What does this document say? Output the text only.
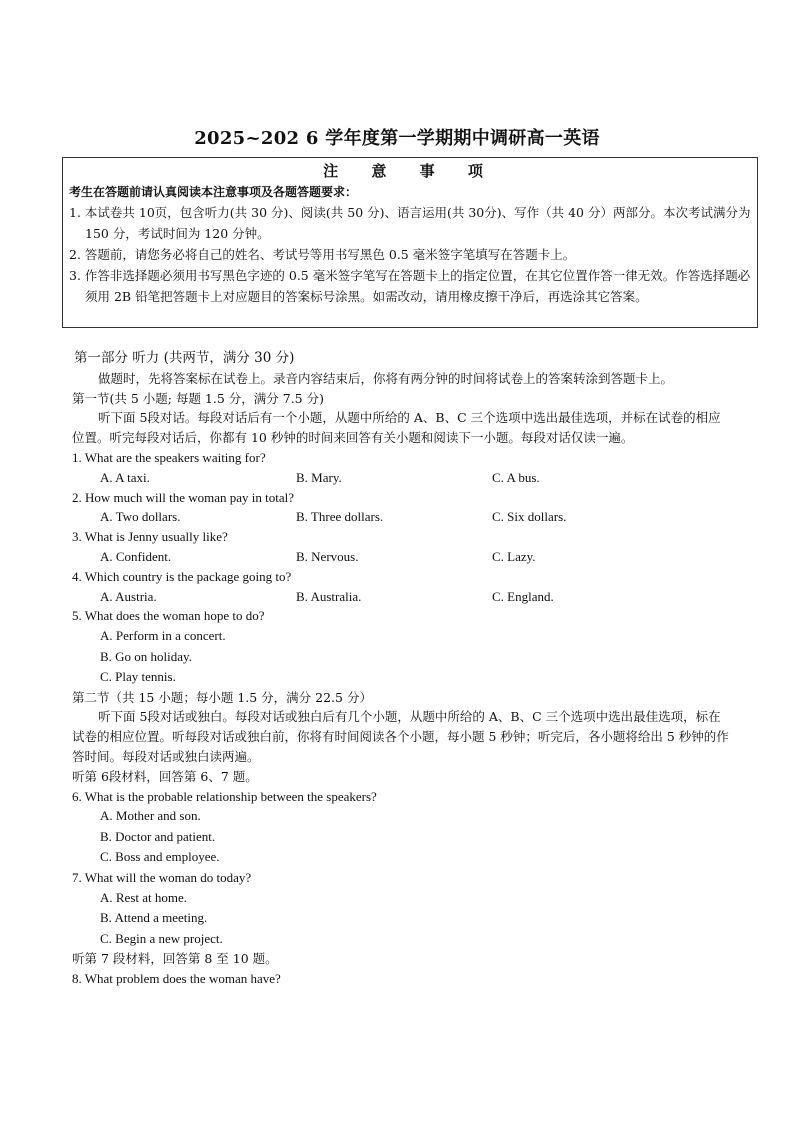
2025~202 6 学年度第一学期期中调研高一英语
注 意 事 项
考生在答题前请认真阅读本注意事项及各题答题要求：
1. 本试卷共 10页，包含听力(共 30 分)、阅读(共 50 分)、语言运用(共 30分)、写作（共 40 分）两部分。本次考试满分为 150 分，考试时间为 120 分钟。
2. 答题前，请您务必将自己的姓名、考试号等用书写黑色 0.5 毫米签字笔填写在答题卡上。
3. 作答非选择题必须用书写黑色字迹的 0.5 毫米签字笔写在答题卡上的指定位置，在其它位置作答一律无效。作答选择题必须用 2B 铅笔把答题卡上对应题目的答案标号涂黑。如需改动，请用橡皮擦干净后，再选涂其它答案。
第一部分 听力 (共两节，满分 30 分)
做题时，先将答案标在试卷上。录音内容结束后，你将有两分钟的时间将试卷上的答案转涂到答题卡上。
第一节(共 5 小题; 每题 1.5 分，满分 7.5 分)
听下面 5段对话。每段对话后有一个小题，从题中所给的 A、B、C 三个选项中选出最佳选项，并标在试卷的相应位置。听完每段对话后，你都有 10 秒钟的时间来回答有关小题和阅读下一小题。每段对话仅读一遍。
1. What are the speakers waiting for?
A. A taxi.	B. Mary.	C. A bus.
2. How much will the woman pay in total?
A. Two dollars.	B. Three dollars.	C. Six dollars.
3. What is Jenny usually like?
A. Confident.	B. Nervous.	C. Lazy.
4. Which country is the package going to?
A. Austria.	B. Australia.	C. England.
5. What does the woman hope to do?
A. Perform in a concert.
B. Go on holiday.
C. Play tennis.
第二节（共 15 小题；每小题 1.5 分，满分 22.5 分）
听下面 5段对话或独白。每段对话或独白后有几个小题，从题中所给的 A、B、C 三个选项中选出最佳选项，标在试卷的相应位置。听每段对话或独白前，你将有时间阅读各个小题，每小题 5 秒钟；听完后，各小题将给出 5 秒钟的作答时间。每段对话或独白读两遍。
听第 6段材料，回答第 6、7 题。
6. What is the probable relationship between the speakers?
A. Mother and son.
B. Doctor and patient.
C. Boss and employee.
7. What will the woman do today?
A. Rest at home.
B. Attend a meeting.
C. Begin a new project.
听第 7 段材料，回答第 8 至 10 题。
8. What problem does the woman have?
